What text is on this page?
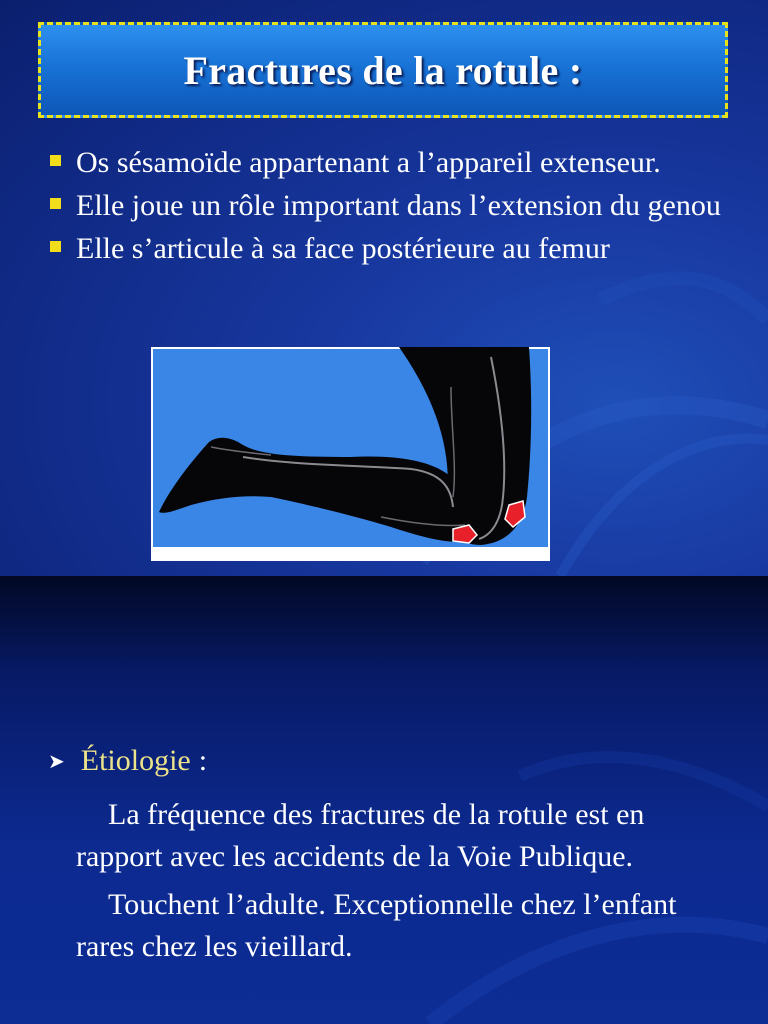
Fractures de la rotule :
Os sésamoïde appartenant a l’appareil extenseur.
Elle joue un rôle important dans l’extension du genou
Elle s’articule à sa face postérieure au femur
➤ Étiologie :

La fréquence des fractures de la rotule est en rapport avec les accidents de la Voie Publique.

Touchent l’adulte. Exceptionnelle chez l’enfant rares chez les vieillard.
